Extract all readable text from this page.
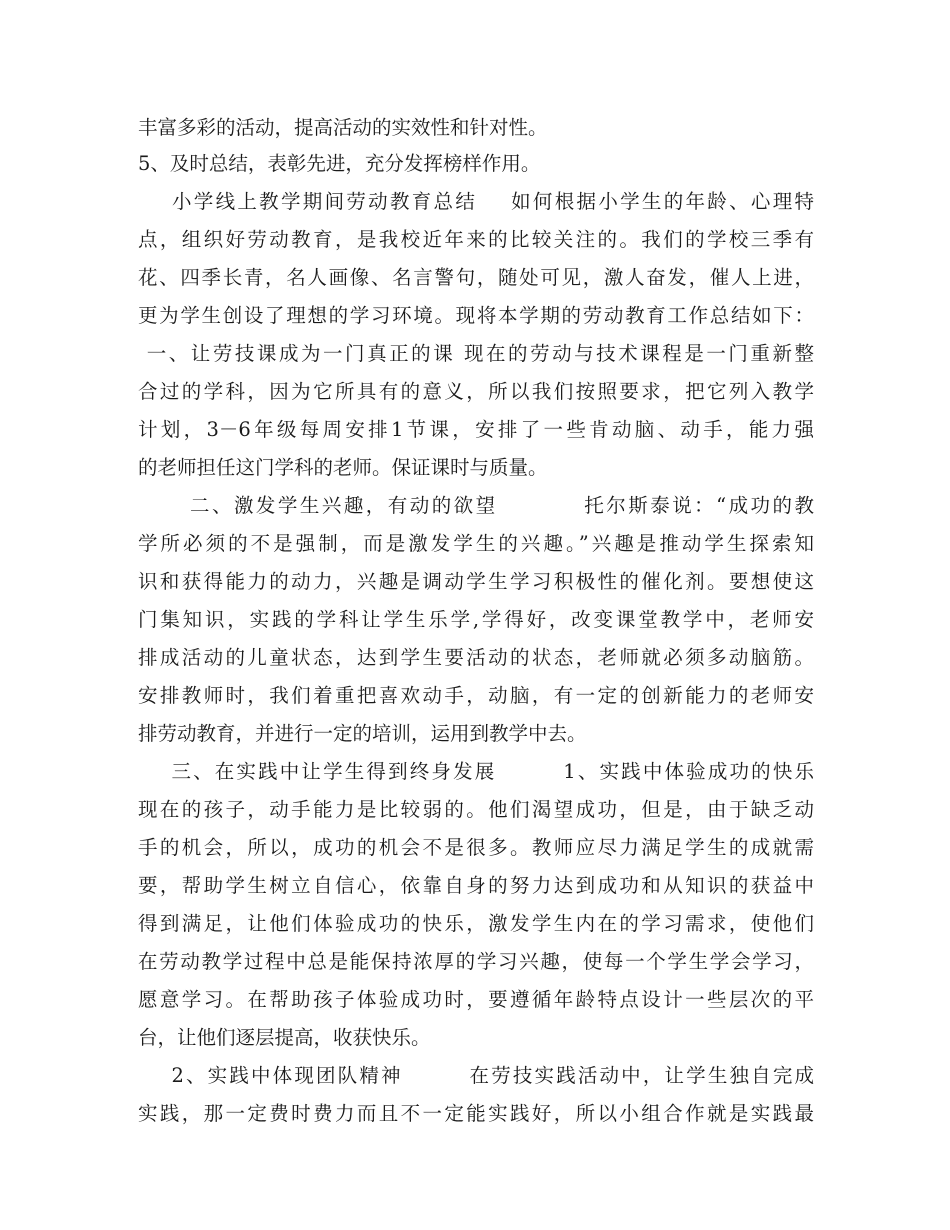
丰富多彩的活动，提高活动的实效性和针对性。
5、及时总结，表彰先进，充分发挥榜样作用。
小学线上教学期间劳动教育总结    如何根据小学生的年龄、心理特
点，组织好劳动教育，是我校近年来的比较关注的。我们的学校三季有
花、四季长青，名人画像、名言警句，随处可见，激人奋发，催人上进，
更为学生创设了理想的学习环境。现将本学期的劳动教育工作总结如下：
一、让劳技课成为一门真正的课 现在的劳动与技术课程是一门重新整
合过的学科，因为它所具有的意义，所以我们按照要求，把它列入教学
计划，3－6年级每周安排1节课，安排了一些肯动脑、动手，能力强
的老师担任这门学科的老师。保证课时与质量。
二、激发学生兴趣，有动的欲望          托尔斯泰说：“成功的教
学所必须的不是强制，而是激发学生的兴趣。”兴趣是推动学生探索知
识和获得能力的动力，兴趣是调动学生学习积极性的催化剂。要想使这
门集知识，实践的学科让学生乐学,学得好，改变课堂教学中，老师安
排成活动的儿童状态，达到学生要活动的状态，老师就必须多动脑筋。
安排教师时，我们着重把喜欢动手，动脑，有一定的创新能力的老师安
排劳动教育，并进行一定的培训，运用到教学中去。
三、在实践中让学生得到终身发展        1、实践中体验成功的快乐
现在的孩子，动手能力是比较弱的。他们渴望成功，但是，由于缺乏动
手的机会，所以，成功的机会不是很多。教师应尽力满足学生的成就需
要，帮助学生树立自信心，依靠自身的努力达到成功和从知识的获益中
得到满足，让他们体验成功的快乐，激发学生内在的学习需求，使他们
在劳动教学过程中总是能保持浓厚的学习兴趣，使每一个学生学会学习，
愿意学习。在帮助孩子体验成功时，要遵循年龄特点设计一些层次的平
台，让他们逐层提高，收获快乐。
2、实践中体现团队精神        在劳技实践活动中，让学生独自完成
实践，那一定费时费力而且不一定能实践好，所以小组合作就是实践最
